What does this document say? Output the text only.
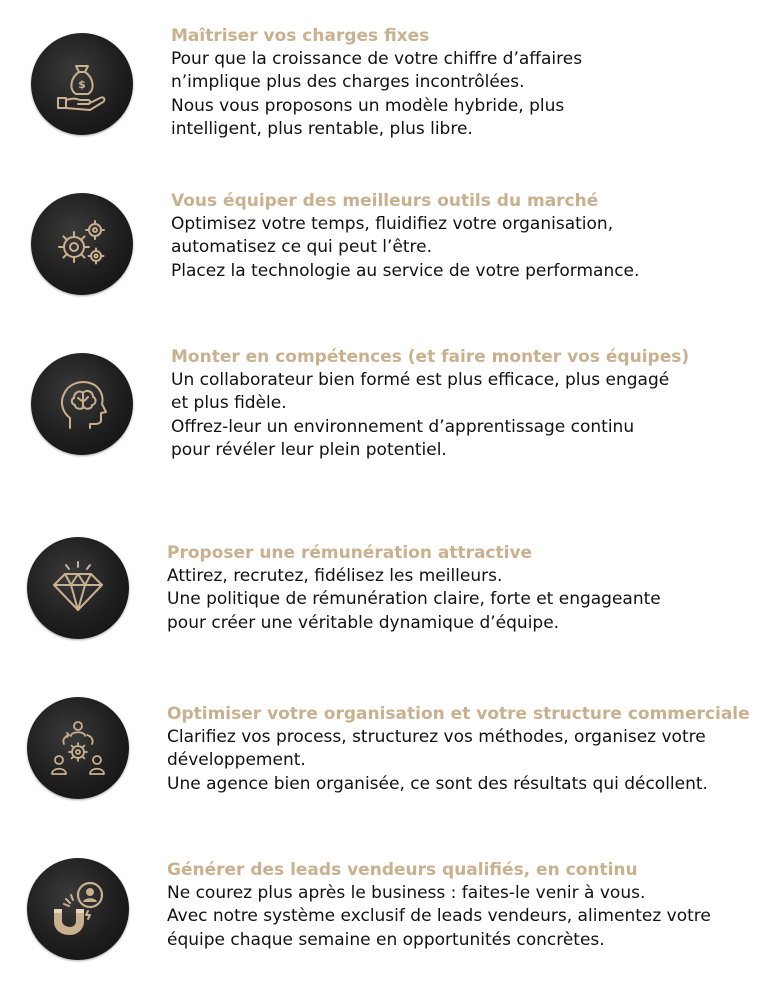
$
Maîtriser vos charges fixes
Pour que la croissance de votre chiffre d’affaires
n’implique plus des charges incontrôlées.
Nous vous proposons un modèle hybride, plus
intelligent, plus rentable, plus libre.
Vous équiper des meilleurs outils du marché
Optimisez votre temps, fluidifiez votre organisation,
automatisez ce qui peut l’être.
Placez la technologie au service de votre performance.
Monter en compétences (et faire monter vos équipes)
Un collaborateur bien formé est plus efficace, plus engagé
et plus fidèle.
Offrez-leur un environnement d’apprentissage continu
pour révéler leur plein potentiel.
Proposer une rémunération attractive
Attirez, recrutez, fidélisez les meilleurs.
Une politique de rémunération claire, forte et engageante
pour créer une véritable dynamique d’équipe.
Optimiser votre organisation et votre structure commerciale
Clarifiez vos process, structurez vos méthodes, organisez votre
développement.
Une agence bien organisée, ce sont des résultats qui décollent.
Générer des leads vendeurs qualifiés, en continu
Ne courez plus après le business : faites-le venir à vous.
Avec notre système exclusif de leads vendeurs, alimentez votre
équipe chaque semaine en opportunités concrètes.
